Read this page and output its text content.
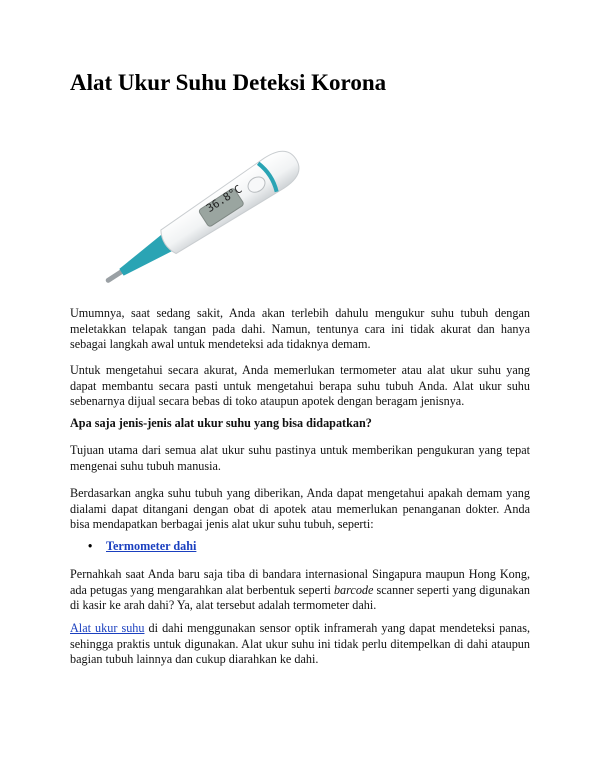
Alat Ukur Suhu Deteksi Korona
36.8°C

Umumnya, saat sedang sakit, Anda akan terlebih dahulu mengukur suhu tubuh dengan meletakkan telapak tangan pada dahi. Namun, tentunya cara ini tidak akurat dan hanya sebagai langkah awal untuk mendeteksi ada tidaknya demam.

Untuk mengetahui secara akurat, Anda memerlukan termometer atau alat ukur suhu yang dapat membantu secara pasti untuk mengetahui berapa suhu tubuh Anda. Alat ukur suhu sebenarnya dijual secara bebas di toko ataupun apotek dengan beragam jenisnya.

Apa saja jenis-jenis alat ukur suhu yang bisa didapatkan?

Tujuan utama dari semua alat ukur suhu pastinya untuk memberikan pengukuran yang tepat mengenai suhu tubuh manusia.

Berdasarkan angka suhu tubuh yang diberikan, Anda dapat mengetahui apakah demam yang dialami dapat ditangani dengan obat di apotek atau memerlukan penanganan dokter. Anda bisa mendapatkan berbagai jenis alat ukur suhu tubuh, seperti:

• Termometer dahi

Pernahkah saat Anda baru saja tiba di bandara internasional Singapura maupun Hong Kong, ada petugas yang mengarahkan alat berbentuk seperti barcode scanner seperti yang digunakan di kasir ke arah dahi? Ya, alat tersebut adalah termometer dahi.

Alat ukur suhu di dahi menggunakan sensor optik inframerah yang dapat mendeteksi panas, sehingga praktis untuk digunakan. Alat ukur suhu ini tidak perlu ditempelkan di dahi ataupun bagian tubuh lainnya dan cukup diarahkan ke dahi.
